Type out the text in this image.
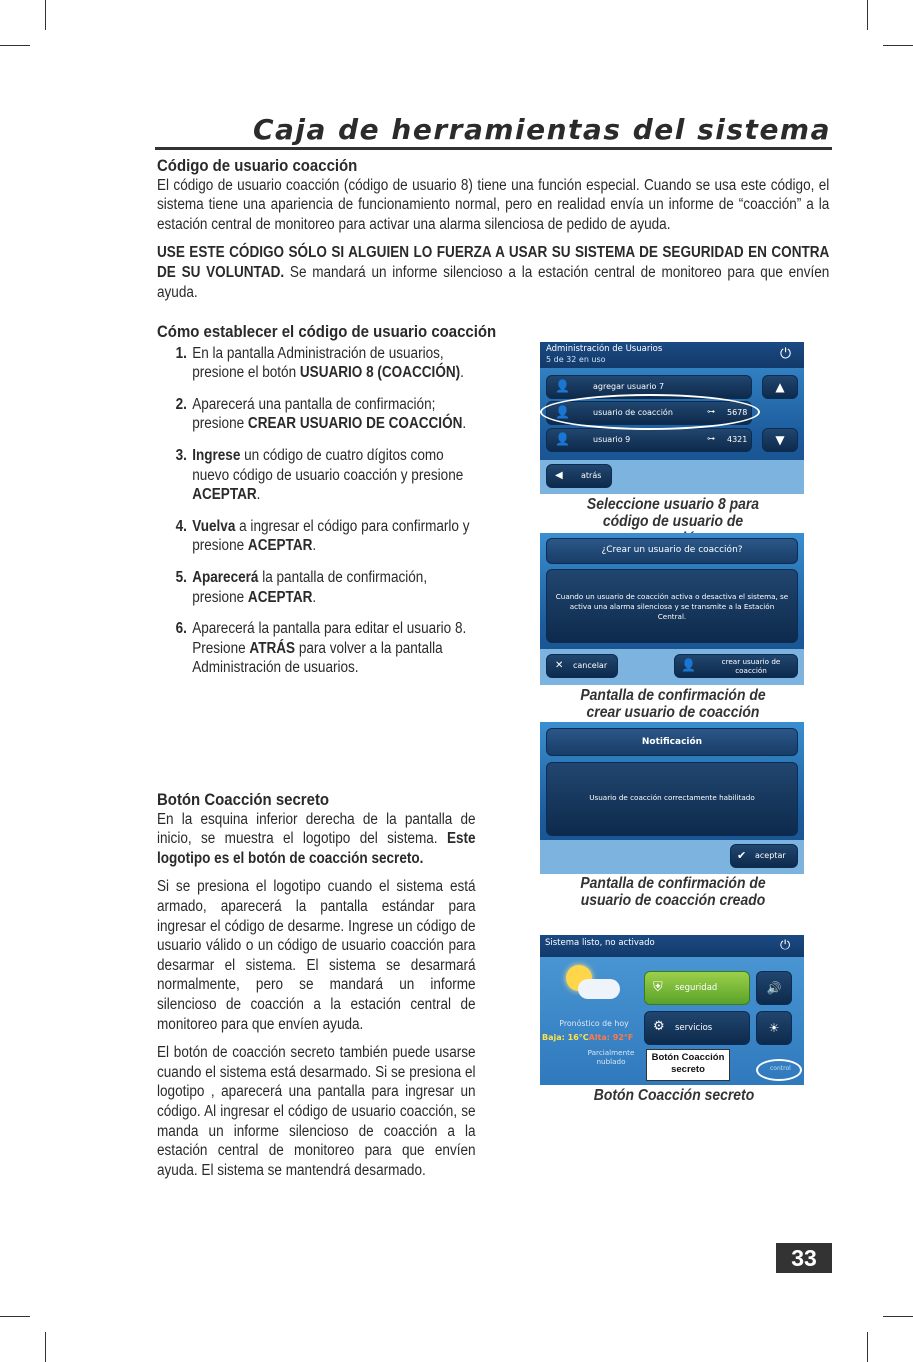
Caja de herramientas del sistema
Código de usuario coacción

El código de usuario coacción (código de usuario 8) tiene una función especial. Cuando se usa este código, el sistema tiene una apariencia de funcionamiento normal, pero en realidad envía un informe de “coacción” a la estación central de monitoreo para activar una alarma silenciosa de pedido de ayuda.

USE ESTE CÓDIGO SÓLO SI ALGUIEN LO FUERZA A USAR SU SISTEMA DE SEGURIDAD EN CONTRA DE SU VOLUNTAD. Se mandará un informe silencioso a la estación central de monitoreo para que envíen ayuda.

Cómo establecer el código de usuario coacción
1. En la pantalla Administración de usuarios, presione el botón USUARIO 8 (COACCIÓN).
2. Aparecerá una pantalla de confirmación; presione CREAR USUARIO DE COACCIÓN.
3. Ingrese un código de cuatro dígitos como nuevo código de usuario coacción y presione ACEPTAR.
4. Vuelva a ingresar el código para confirmarlo y presione ACEPTAR.
5. Aparecerá la pantalla de confirmación, presione ACEPTAR.
6. Aparecerá la pantalla para editar el usuario 8. Presione ATRÁS para volver a la pantalla Administración de usuarios.
Botón Coacción secreto

En la esquina inferior derecha de la pantalla de inicio, se muestra el logotipo del sistema. Este logotipo es el botón de coacción secreto.

Si se presiona el logotipo cuando el sistema está armado, aparecerá la pantalla estándar para ingresar el código de desarme. Ingrese un código de usuario válido o un código de usuario coacción para desarmar el sistema. El sistema se desarmará normalmente, pero se mandará un informe silencioso de coacción a la estación central de monitoreo para que envíen ayuda.

El botón de coacción secreto también puede usarse cuando el sistema está desarmado. Si se presiona el logotipo , aparecerá una pantalla para ingresar un código. Al ingresar el código de usuario coacción, se manda un informe silencioso de coacción a la estación central de monitoreo para que envíen ayuda. El sistema se mantendrá desarmado.

Administración de Usuarios
5 de 32 en uso	⏻
👤	agregar usuario 7
👤	usuario de coacción	⊶ 5678
👤	usuario 9	⊶ 4321
▲
▼
◀ atrás
Seleccione usuario 8 para código de usuario de
¿Crear un usuario de coacción?
Cuando un usuario de coacción activa o desactiva el sistema, se activa una alarma silenciosa y se transmite a la Estación Central.
✕ cancelar	👤	crear usuario de coacción
Pantalla de confirmación de crear usuario de coacción
Notificación
Usuario de coacción correctamente habilitado
✔ aceptar
Pantalla de confirmación de usuario de coacción creado
Sistema listo, no activado	⏻
Pronóstico de hoy
Baja: 16°CAlta: 92°F
Parcialmente nublado
⛨ seguridad	🔊
⚙ servicios	☀
Botón Coacción secreto	control
Botón Coacción secreto
33
